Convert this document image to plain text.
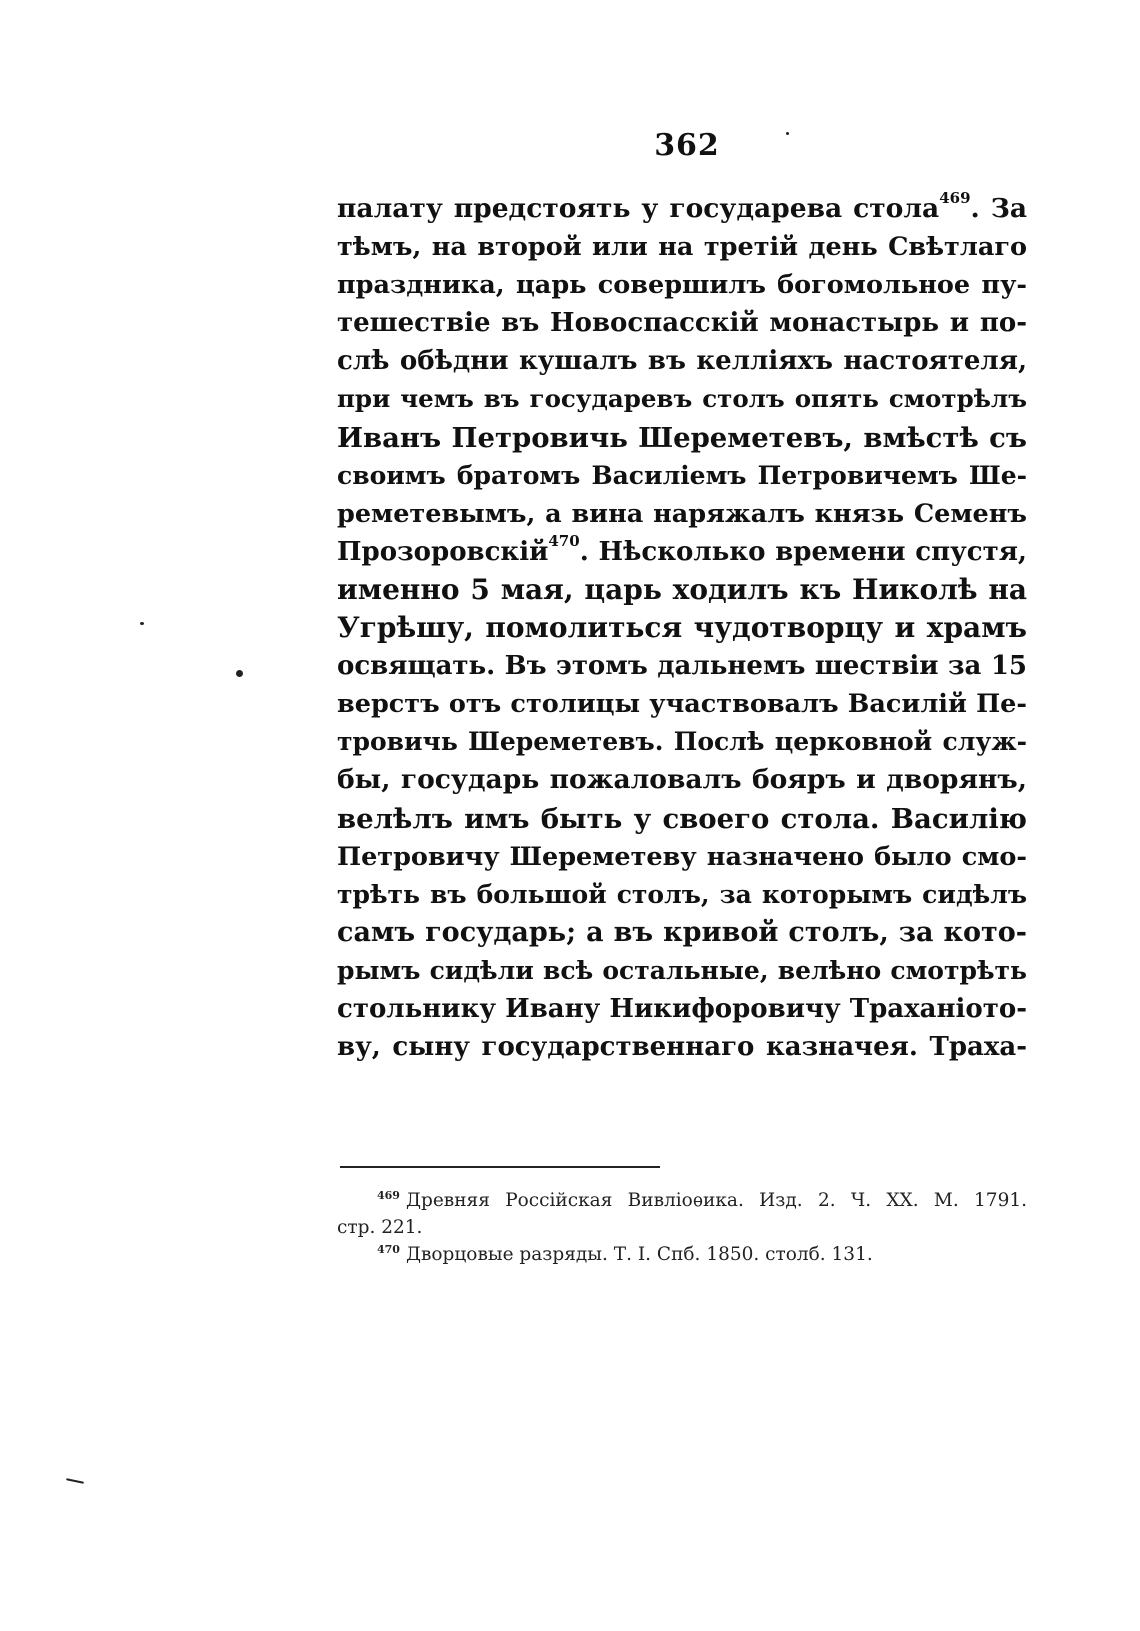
362
палату предстоять у государева стола$^{469}$. За
тѣмъ, на второй или на третій день Свѣтлаго
праздника, царь совершилъ богомольное пу-
тешествіе въ Новоспасскій монастырь и по-
слѣ обѣдни кушалъ въ келліяхъ настоятеля,
при чемъ въ государевъ столъ опять смотрѣлъ
Иванъ Петровичь Шереметевъ, вмѣстѣ съ
своимъ братомъ Василіемъ Петровичемъ Ше-
реметевымъ, а вина наряжалъ князь Семенъ
Прозоровскій$^{470}$. Нѣсколько времени спустя,
именно 5 мая, царь ходилъ къ Николѣ на
Угрѣшу, помолиться чудотворцу и храмъ
освящать. Въ этомъ дальнемъ шествіи за 15
верстъ отъ столицы участвовалъ Василій Пе-
тровичь Шереметевъ. Послѣ церковной служ-
бы, государь пожаловалъ бояръ и дворянъ,
велѣлъ имъ быть у своего стола. Василію
Петровичу Шереметеву назначено было смо-
трѣть въ большой столъ, за которымъ сидѣлъ
самъ государь; а въ кривой столъ, за кото-
рымъ сидѣли всѣ остальные, велѣно смотрѣть
стольнику Ивану Никифоровичу Траханіото-
ву, сыну государственнаго казначея. Траха-
$^{469}$ Древняя Россійская Вивліоѳика. Изд. 2. Ч. XX. М. 1791.
стр. 221.
$^{470}$ Дворцовые разряды. Т. I. Спб. 1850. столб. 131.
